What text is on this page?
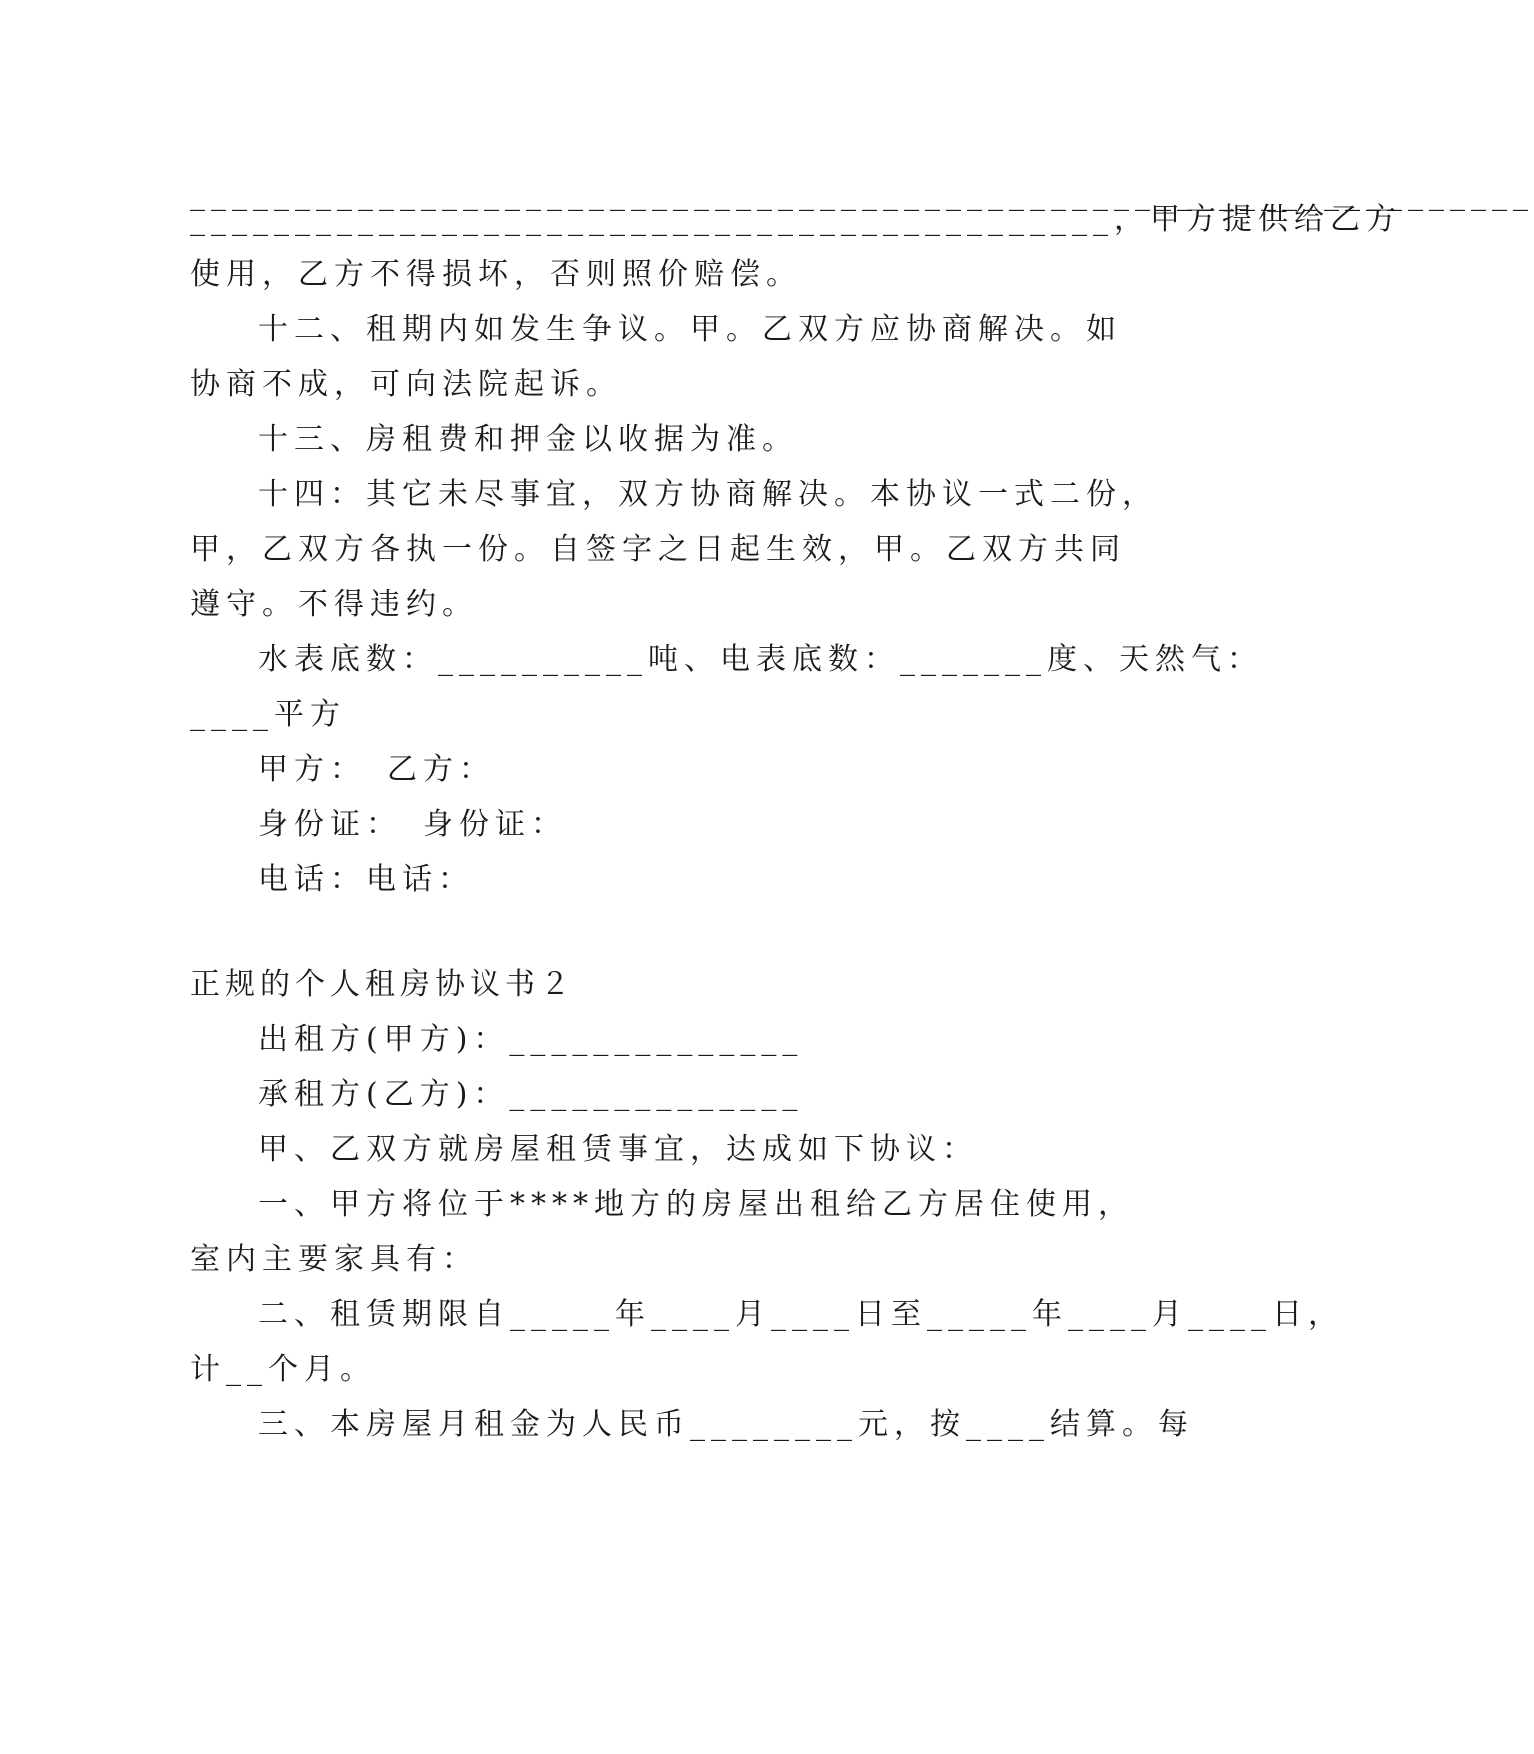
________________________________________________________________
____________________________________________，甲方提供给乙方
使用，乙方不得损坏，否则照价赔偿。
十二、租期内如发生争议。甲。乙双方应协商解决。如
协商不成，可向法院起诉。
十三、房租费和押金以收据为准。
十四：其它未尽事宜，双方协商解决。本协议一式二份，
甲，乙双方各执一份。自签字之日起生效，甲。乙双方共同
遵守。不得违约。
水表底数：__________吨、电表底数：_______度、天然气：
____平方
甲方：　乙方：
身份证：　身份证：
电话：电话：
正规的个人租房协议书２
出租方(甲方)：______________
承租方(乙方)：______________
甲、乙双方就房屋租赁事宜，达成如下协议：
一、甲方将位于****地方的房屋出租给乙方居住使用，
室内主要家具有：
二、租赁期限自_____年____月____日至_____年____月____日，
计__个月。
三、本房屋月租金为人民币________元，按____结算。每
